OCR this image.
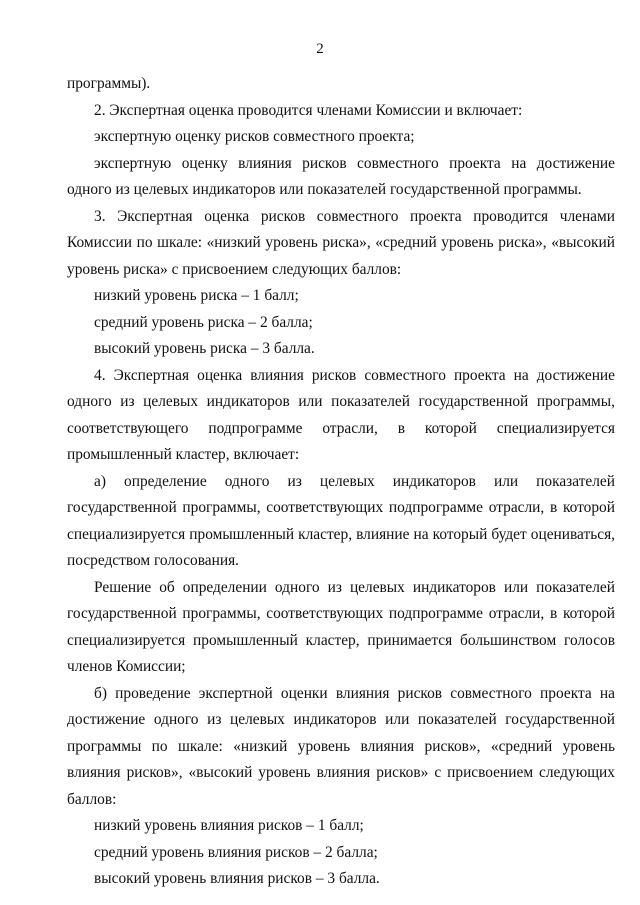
2

программы).

2. Экспертная оценка проводится членами Комиссии и включает:

экспертную оценку рисков совместного проекта;

экспертную оценку влияния рисков совместного проекта на достижение одного из целевых индикаторов или показателей государственной программы.

3. Экспертная оценка рисков совместного проекта проводится членами Комиссии по шкале: «низкий уровень риска», «средний уровень риска», «высокий уровень риска» с присвоением следующих баллов:

низкий уровень риска – 1 балл;

средний уровень риска – 2 балла;

высокий уровень риска – 3 балла.

4. Экспертная оценка влияния рисков совместного проекта на достижение одного из целевых индикаторов или показателей государственной программы, соответствующего подпрограмме отрасли, в которой специализируется промышленный кластер, включает:

а) определение одного из целевых индикаторов или показателей государственной программы, соответствующих подпрограмме отрасли, в которой специализируется промышленный кластер, влияние на который будет оцениваться, посредством голосования.

Решение об определении одного из целевых индикаторов или показателей государственной программы, соответствующих подпрограмме отрасли, в которой специализируется промышленный кластер, принимается большинством голосов членов Комиссии;

б) проведение экспертной оценки влияния рисков совместного проекта на достижение одного из целевых индикаторов или показателей государственной программы по шкале: «низкий уровень влияния рисков», «средний уровень влияния рисков», «высокий уровень влияния рисков» с присвоением следующих баллов:

низкий уровень влияния рисков – 1 балл;

средний уровень влияния рисков – 2 балла;

высокий уровень влияния рисков – 3 балла.
